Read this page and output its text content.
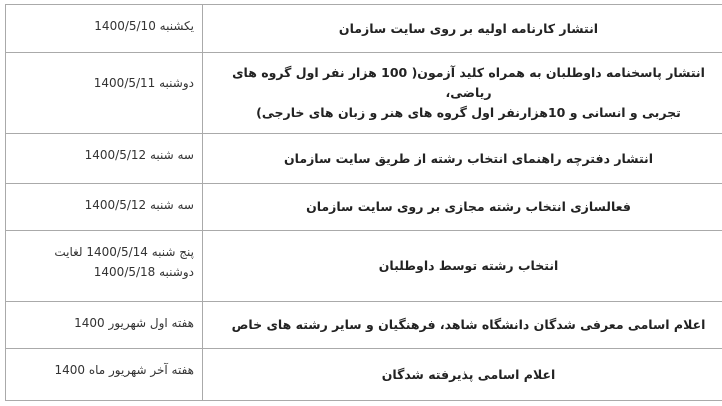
انتشار کارنامه اولیه بر روی سایت سازمان	یکشنبه 1400/5/10

انتشار پاسخنامه داوطلبان به همراه کلید آزمون( 100 هزار نفر اول گروه های ریاضی،
تجربی و انسانی و 10هزارنفر اول گروه های هنر و زبان های خارجی)	دوشنبه 1400/5/11

انتشار دفترچه راهنمای انتخاب رشته از طریق سایت سازمان	سه شنبه 1400/5/12

فعالسازی انتخاب رشته مجازی بر روی سایت سازمان	سه شنبه 1400/5/12

انتخاب رشته توسط داوطلبان	پنج شنبه 1400/5/14 لغایت
دوشنبه 1400/5/18

اعلام اسامی معرفی شدگان دانشگاه شاهد، فرهنگیان و سایر رشته های خاص	هفته اول شهریور 1400

اعلام اسامی پذیرفته شدگان	هفته آخر شهریور ماه 1400
